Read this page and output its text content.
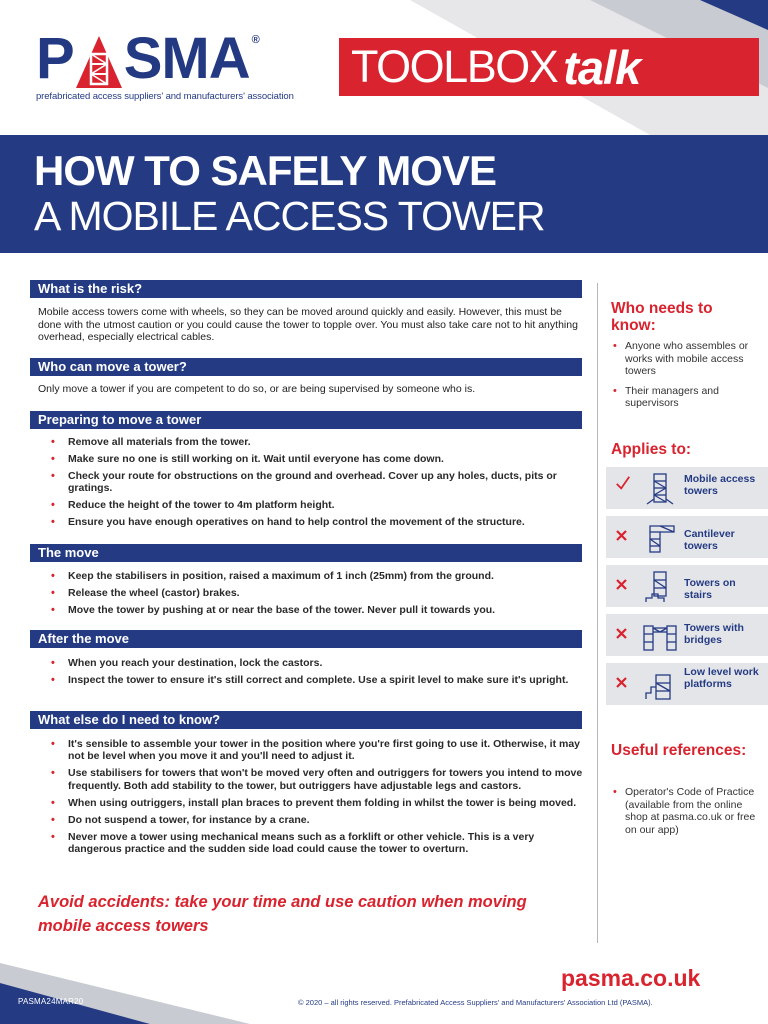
P SMA ®
prefabricated access suppliers' and manufacturers' association
TOOLBOX talk
HOW TO SAFELY MOVE
A MOBILE ACCESS TOWER
What is the risk?
Mobile access towers come with wheels, so they can be moved around quickly and easily. However, this must be done with the utmost caution or you could cause the tower to topple over. You must also take care not to hit anything overhead, especially electrical cables.
Who can move a tower?
Only move a tower if you are competent to do so, or are being supervised by someone who is.
Preparing to move a tower
• Remove all materials from the tower.
• Make sure no one is still working on it. Wait until everyone has come down.
• Check your route for obstructions on the ground and overhead. Cover up any holes, ducts, pits or gratings.
• Reduce the height of the tower to 4m platform height.
• Ensure you have enough operatives on hand to help control the movement of the structure.
The move
• Keep the stabilisers in position, raised a maximum of 1 inch (25mm) from the ground.
• Release the wheel (castor) brakes.
• Move the tower by pushing at or near the base of the tower. Never pull it towards you.
After the move
• When you reach your destination, lock the castors.
• Inspect the tower to ensure it's still correct and complete. Use a spirit level to make sure it's upright.
What else do I need to know?
• It's sensible to assemble your tower in the position where you're first going to use it. Otherwise, it may not be level when you move it and you'll need to adjust it.
• Use stabilisers for towers that won't be moved very often and outriggers for towers you intend to move frequently. Both add stability to the tower, but outriggers have adjustable legs and castors.
• When using outriggers, install plan braces to prevent them folding in whilst the tower is being moved.
• Do not suspend a tower, for instance by a crane.
• Never move a tower using mechanical means such as a forklift or other vehicle. This is a very dangerous practice and the sudden side load could cause the tower to overturn.
Avoid accidents: take your time and use caution when moving mobile access towers
Who needs to know:
• Anyone who assembles or works with mobile access towers
• Their managers and supervisors
Applies to:
Mobile access towers
Cantilever towers
Towers on stairs
Towers with bridges
Low level work platforms
Useful references:
• Operator's Code of Practice (available from the online shop at pasma.co.uk or free on our app)
pasma.co.uk
© 2020 – all rights reserved. Prefabricated Access Suppliers' and Manufacturers' Association Ltd (PASMA).
PASMA24MAR20
